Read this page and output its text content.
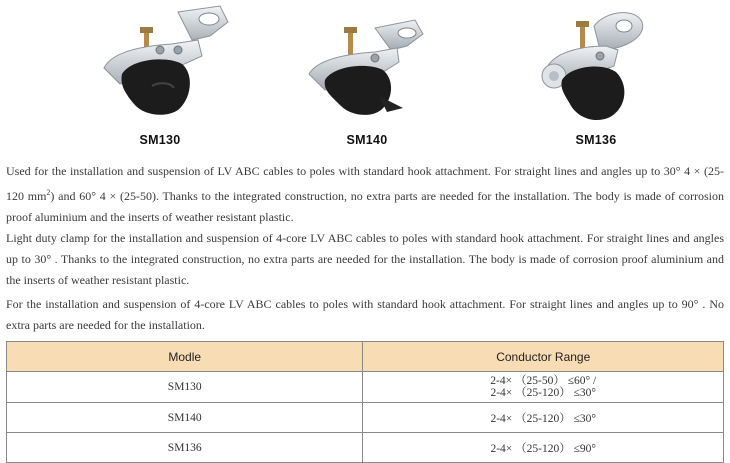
SM130	SM140	SM136

Used for the installation and suspension of LV ABC cables to poles with standard hook attachment. For straight lines and angles up to 30° 4 × (25-120 $mm^2$) and 60° 4 × (25-50). Thanks to the integrated construction, no extra parts are needed for the installation. The body is made of corrosion proof aluminium and the inserts of weather resistant plastic.

Light duty clamp for the installation and suspension of 4-core LV ABC cables to poles with standard hook attachment. For straight lines and angles up to 30° . Thanks to the integrated construction, no extra parts are needed for the installation. The body is made of corrosion proof aluminium and the inserts of weather resistant plastic.

For the installation and suspension of 4-core LV ABC cables to poles with standard hook attachment. For straight lines and angles up to 90° . No extra parts are needed for the installation.

Modle	Conductor Range
SM130	2-4× （25-50） ≤60° /
2-4× （25-120） ≤30°

SM140	2-4× （25-120） ≤30°
SM136	2-4× （25-120） ≤90°
